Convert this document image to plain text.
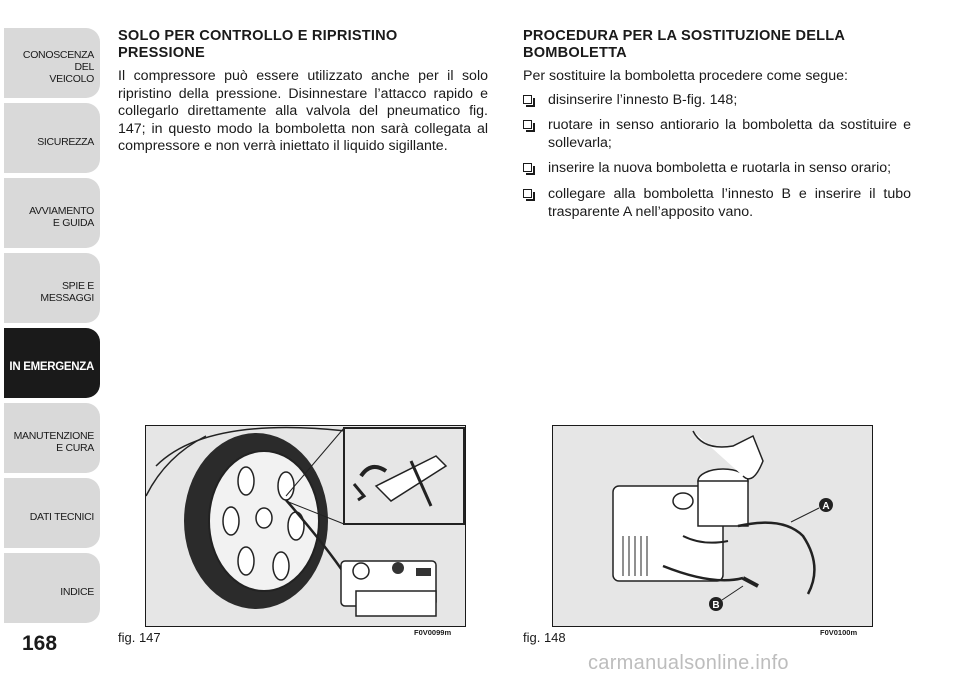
CONOSCENZA
DEL
VEICOLO
SICUREZZA
AVVIAMENTO
E GUIDA
SPIE E
MESSAGGI
IN EMERGENZA
MANUTENZIONE
E CURA
DATI TECNICI
INDICE
168
SOLO PER CONTROLLO E RIPRISTINO PRESSIONE

Il compressore può essere utilizzato anche per il solo ripristino della pressione. Disinnestare l’attacco rapido e collegarlo direttamente alla valvola del pneumatico fig. 147; in questo modo la bomboletta non sarà collegata al compressore e non verrà iniettato il liquido sigillante.

PROCEDURA PER LA SOSTITUZIONE DELLA BOMBOLETTA

Per sostituire la bomboletta procedere come segue:

disinserire l’innesto B-fig. 148;
ruotare in senso antiorario la bomboletta da sostituire e sollevarla;
inserire la nuova bomboletta e ruotarla in senso orario;
collegare alla bomboletta l’innesto B e inserire il tubo trasparente A nell’apposito vano.
fig. 147	F0V0099m
A
B
fig. 148	F0V0100m
carmanualsonline.info
